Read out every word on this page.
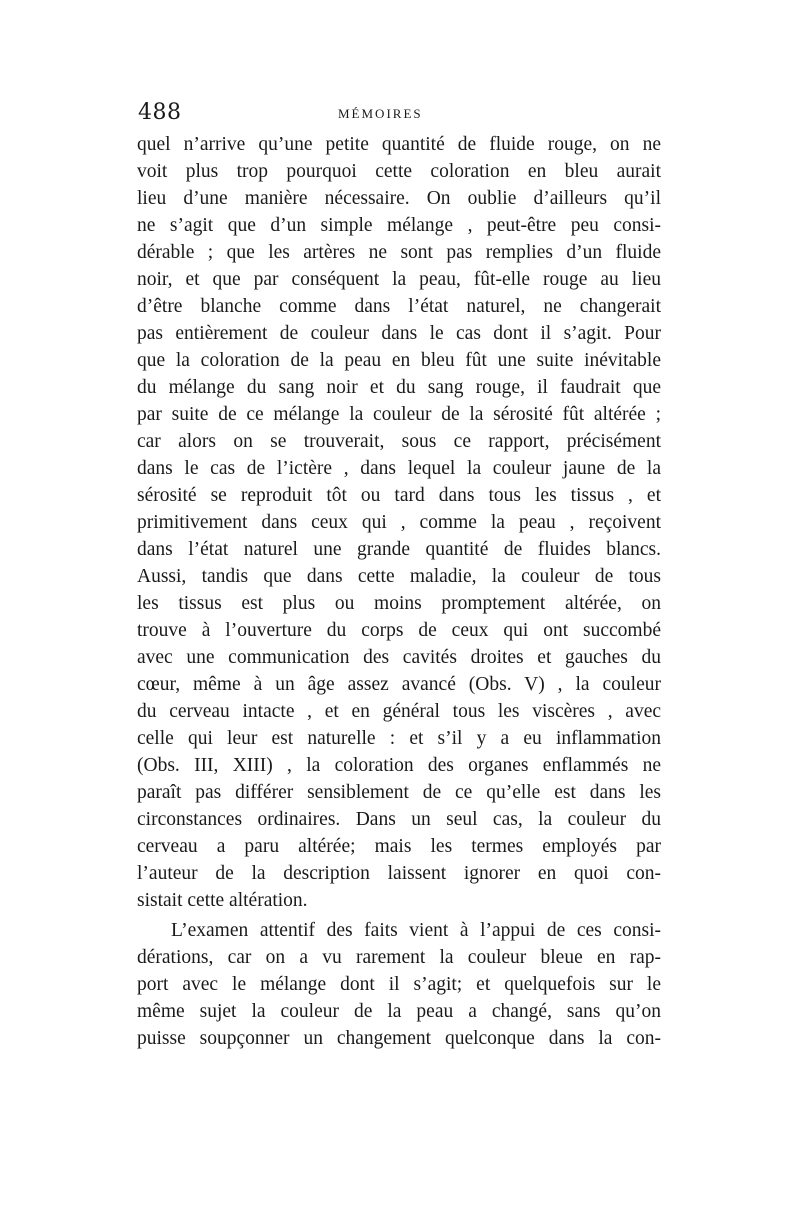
488	MÉMOIRES
quel n’arrive qu’une petite quantité de fluide rouge, on ne
voit plus trop pourquoi cette coloration en bleu aurait
lieu d’une manière nécessaire. On oublie d’ailleurs qu’il
ne s’agit que d’un simple mélange , peut-être peu consi-
dérable ; que les artères ne sont pas remplies d’un fluide
noir, et que par conséquent la peau, fût-elle rouge au lieu
d’être blanche comme dans l’état naturel, ne changerait
pas entièrement de couleur dans le cas dont il s’agit. Pour
que la coloration de la peau en bleu fût une suite inévitable
du mélange du sang noir et du sang rouge, il faudrait que
par suite de ce mélange la couleur de la sérosité fût altérée ;
car alors on se trouverait, sous ce rapport, précisément
dans le cas de l’ictère , dans lequel la couleur jaune de la
sérosité se reproduit tôt ou tard dans tous les tissus , et
primitivement dans ceux qui , comme la peau , reçoivent
dans l’état naturel une grande quantité de fluides blancs.
Aussi, tandis que dans cette maladie, la couleur de tous
les tissus est plus ou moins promptement altérée, on
trouve à l’ouverture du corps de ceux qui ont succombé
avec une communication des cavités droites et gauches du
cœur, même à un âge assez avancé (Obs. V) , la couleur
du cerveau intacte , et en général tous les viscères , avec
celle qui leur est naturelle : et s’il y a eu inflammation
(Obs. III, XIII) , la coloration des organes enflammés ne
paraît pas différer sensiblement de ce qu’elle est dans les
circonstances ordinaires. Dans un seul cas, la couleur du
cerveau a paru altérée; mais les termes employés par
l’auteur de la description laissent ignorer en quoi con-
sistait cette altération.
L’examen attentif des faits vient à l’appui de ces consi-
dérations, car on a vu rarement la couleur bleue en rap-
port avec le mélange dont il s’agit; et quelquefois sur le
même sujet la couleur de la peau a changé, sans qu’on
puisse soupçonner un changement quelconque dans la con-
